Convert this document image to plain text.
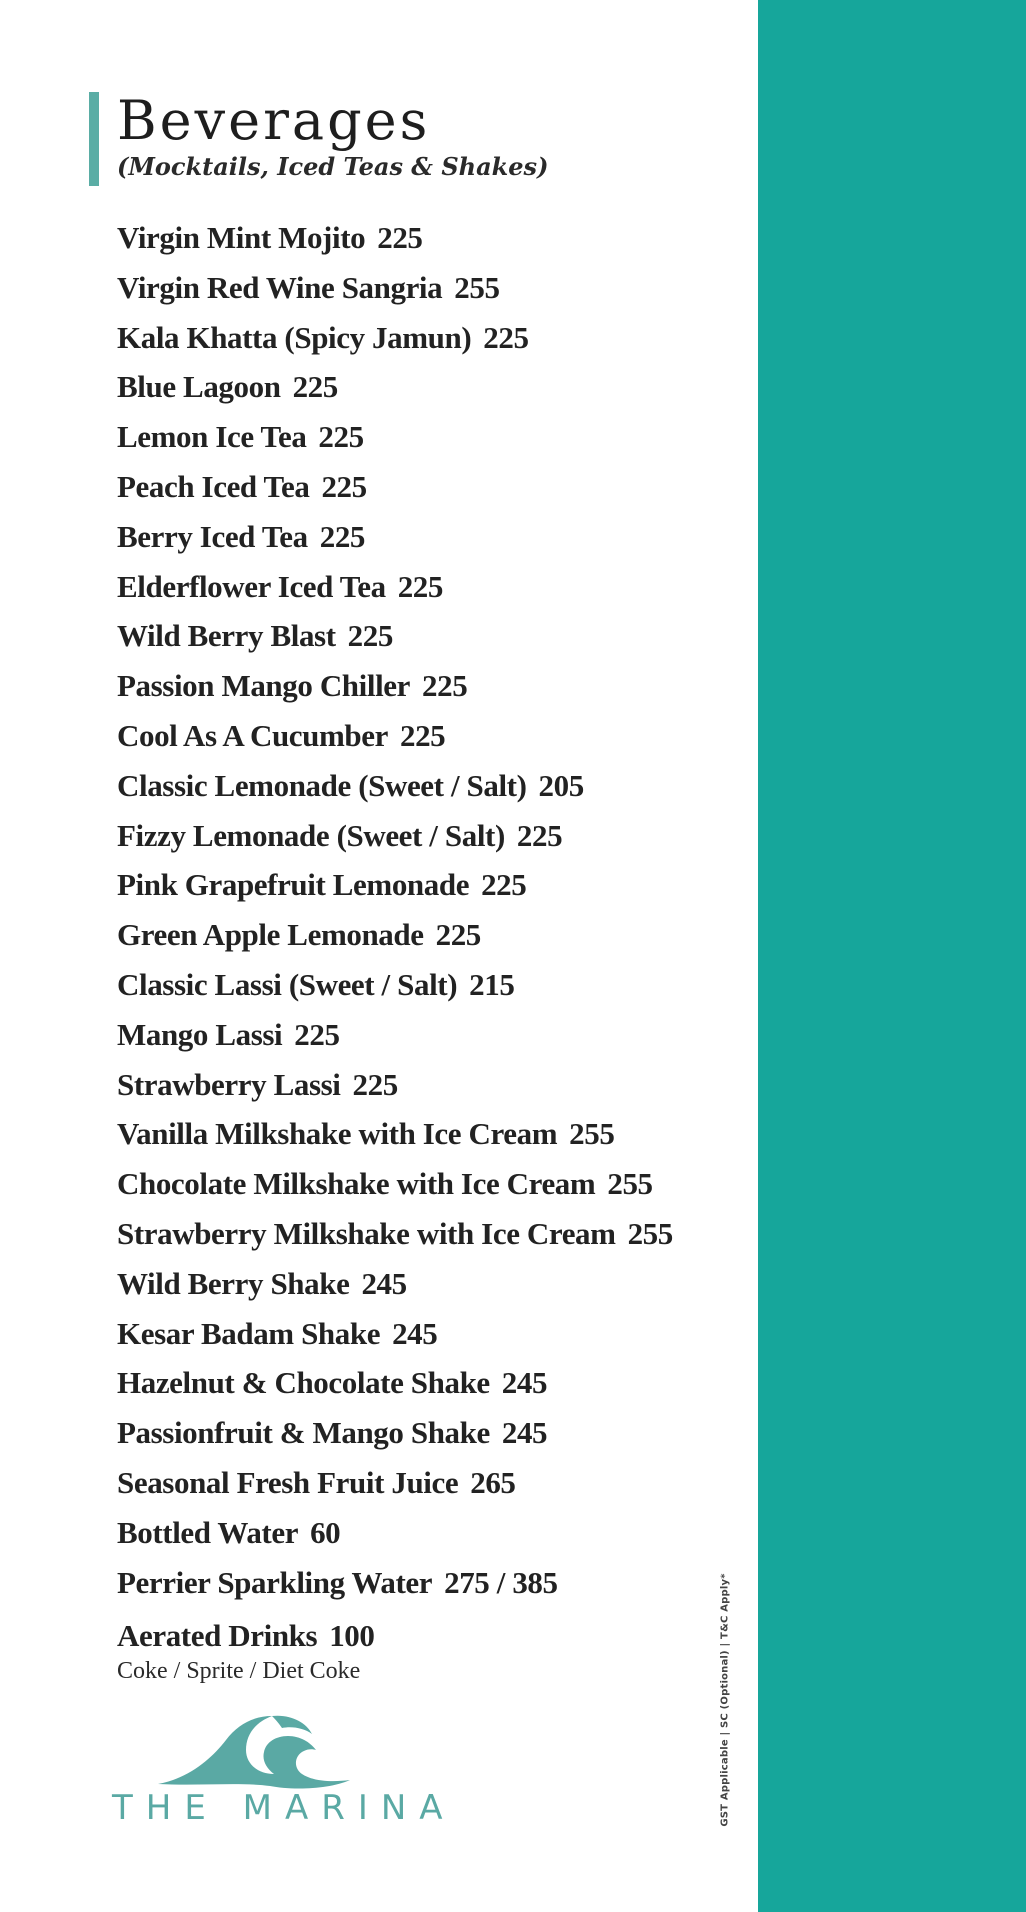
Beverages
(Mocktails, Iced Teas & Shakes)
Virgin Mint Mojito 225
Virgin Red Wine Sangria 255
Kala Khatta (Spicy Jamun) 225
Blue Lagoon 225
Lemon Ice Tea 225
Peach Iced Tea 225
Berry Iced Tea 225
Elderflower Iced Tea 225
Wild Berry Blast 225
Passion Mango Chiller 225
Cool As A Cucumber 225
Classic Lemonade (Sweet / Salt) 205
Fizzy Lemonade (Sweet / Salt) 225
Pink Grapefruit Lemonade 225
Green Apple Lemonade 225
Classic Lassi (Sweet / Salt) 215
Mango Lassi 225
Strawberry Lassi 225
Vanilla Milkshake with Ice Cream 255
Chocolate Milkshake with Ice Cream 255
Strawberry Milkshake with Ice Cream 255
Wild Berry Shake 245
Kesar Badam Shake 245
Hazelnut & Chocolate Shake 245
Passionfruit & Mango Shake 245
Seasonal Fresh Fruit Juice 265
Bottled Water 60
Perrier Sparkling Water 275 / 385
Aerated Drinks 100
Coke / Sprite / Diet Coke	GST Applicable | SC (Optional) | T&C Apply*
THE MARINA
